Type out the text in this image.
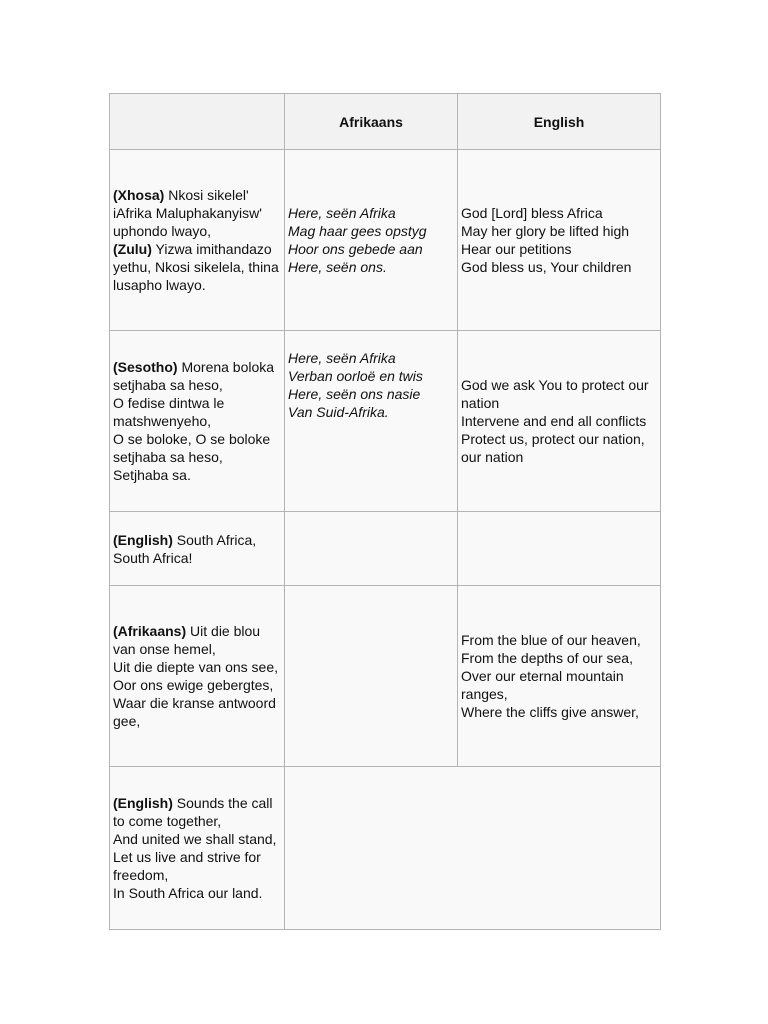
	Afrikaans	English

(Xhosa) Nkosi sikelel' iAfrika Maluphakanyisw' uphondo lwayo,
(Zulu) Yizwa imithandazo yethu, Nkosi sikelela, thina lusapho lwayo.	Here, seën Afrika
Mag haar gees opstyg
Hoor ons gebede aan
Here, seën ons.	God [Lord] bless Africa
May her glory be lifted high
Hear our petitions
God bless us, Your children

(Sesotho) Morena boloka setjhaba sa heso,
O fedise dintwa le matshwenyeho,
O se boloke, O se boloke setjhaba sa heso,
Setjhaba sa.	Here, seën Afrika
Verban oorloë en twis
Here, seën ons nasie
Van Suid-Afrika.	God we ask You to protect our nation
Intervene and end all conflicts
Protect us, protect our nation, our nation

(English) South Africa, South Africa!		

(Afrikaans) Uit die blou van onse hemel,
Uit die diepte van ons see,
Oor ons ewige gebergtes,
Waar die kranse antwoord gee,		From the blue of our heaven,
From the depths of our sea,
Over our eternal mountain ranges,
Where the cliffs give answer,

(English) Sounds the call to come together,
And united we shall stand,
Let us live and strive for freedom,
In South Africa our land.		
